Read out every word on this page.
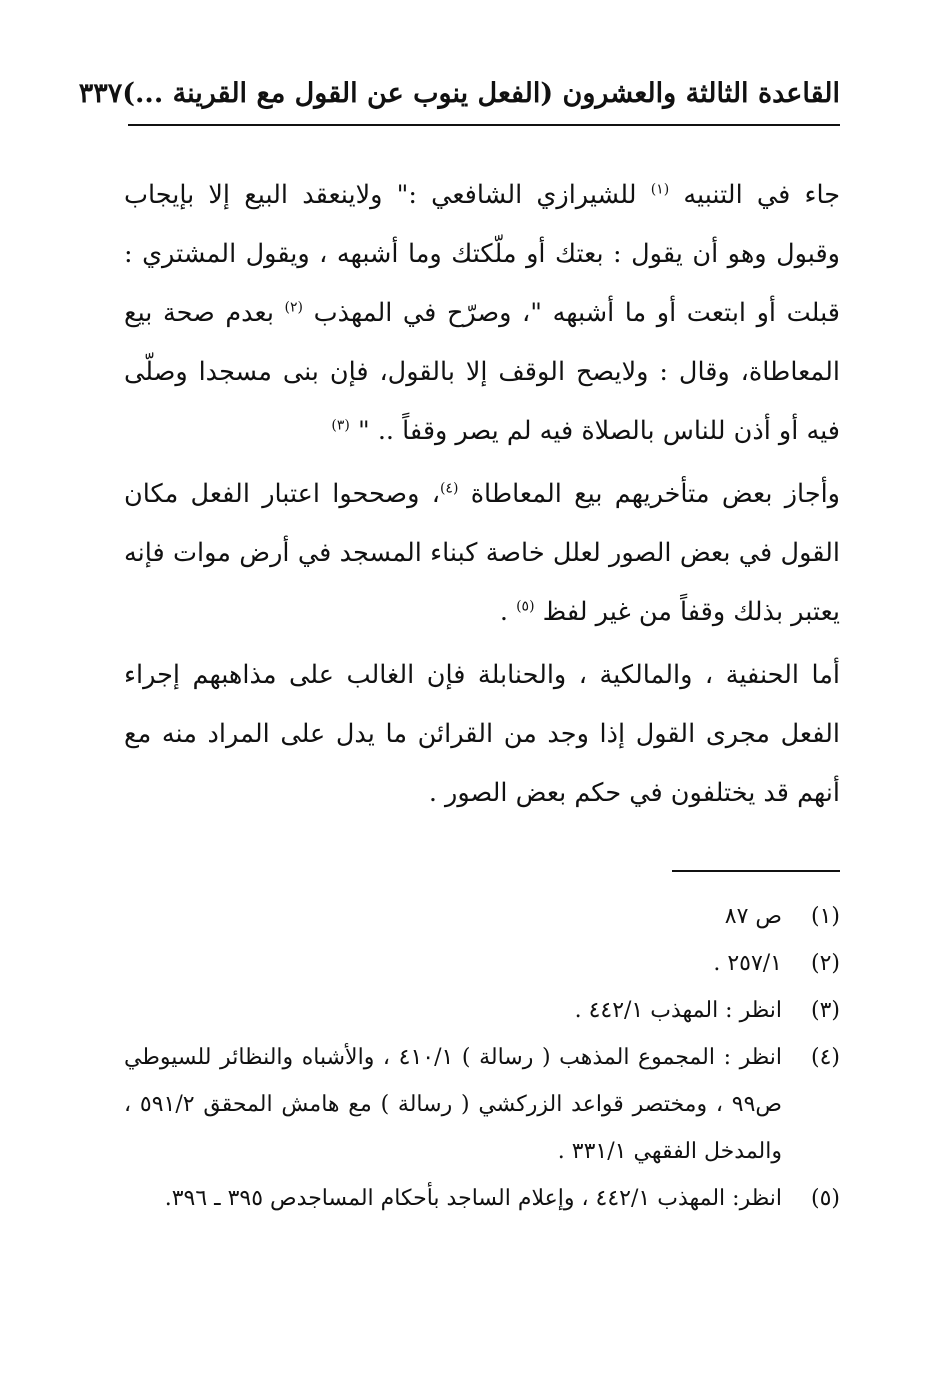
القاعدة الثالثة والعشرون (الفعل ينوب عن القول مع القرينة ...)
٣٣٧

جاء في التنبيه $^{(١)}$ للشيرازي الشافعي :" ولاينعقد البيع إلا بإيجاب وقبول وهو أن يقول : بعتك أو ملّكتك وما أشبهه ، ويقول المشتري : قبلت أو ابتعت أو ما أشبهه "، وصرّح في المهذب $^{(٢)}$ بعدم صحة بيع المعاطاة، وقال : ولايصح الوقف إلا بالقول، فإن بنى مسجدا وصلّى فيه أو أذن للناس بالصلاة فيه لم يصر وقفاً .. " $^{(٣)}$

وأجاز بعض متأخريهم بيع المعاطاة $^{(٤)}$، وصححوا اعتبار الفعل مكان القول في بعض الصور لعلل خاصة كبناء المسجد في أرض موات فإنه يعتبر بذلك وقفاً من غير لفظ $^{(٥)}$ .

أما الحنفية ، والمالكية ، والحنابلة فإن الغالب على مذاهبهم إجراء الفعل مجرى القول إذا وجد من القرائن ما يدل على المراد منه مع أنهم قد يختلفون في حكم بعض الصور .

(١)
ص ٨٧
(٢)
٢٥٧/١ .
(٣)
انظر : المهذب ٤٤٢/١ .
(٤)
انظر : المجموع المذهب ( رسالة ) ٤١٠/١ ، والأشباه والنظائر للسيوطي ص٩٩ ، ومختصر قواعد الزركشي ( رسالة ) مع هامش المحقق ٥٩١/٢ ، والمدخل الفقهي ٣٣١/١ .
(٥)
انظر: المهذب ٤٤٢/١ ، وإعلام الساجد بأحكام المساجدص ٣٩٥ ـ ٣٩٦.
